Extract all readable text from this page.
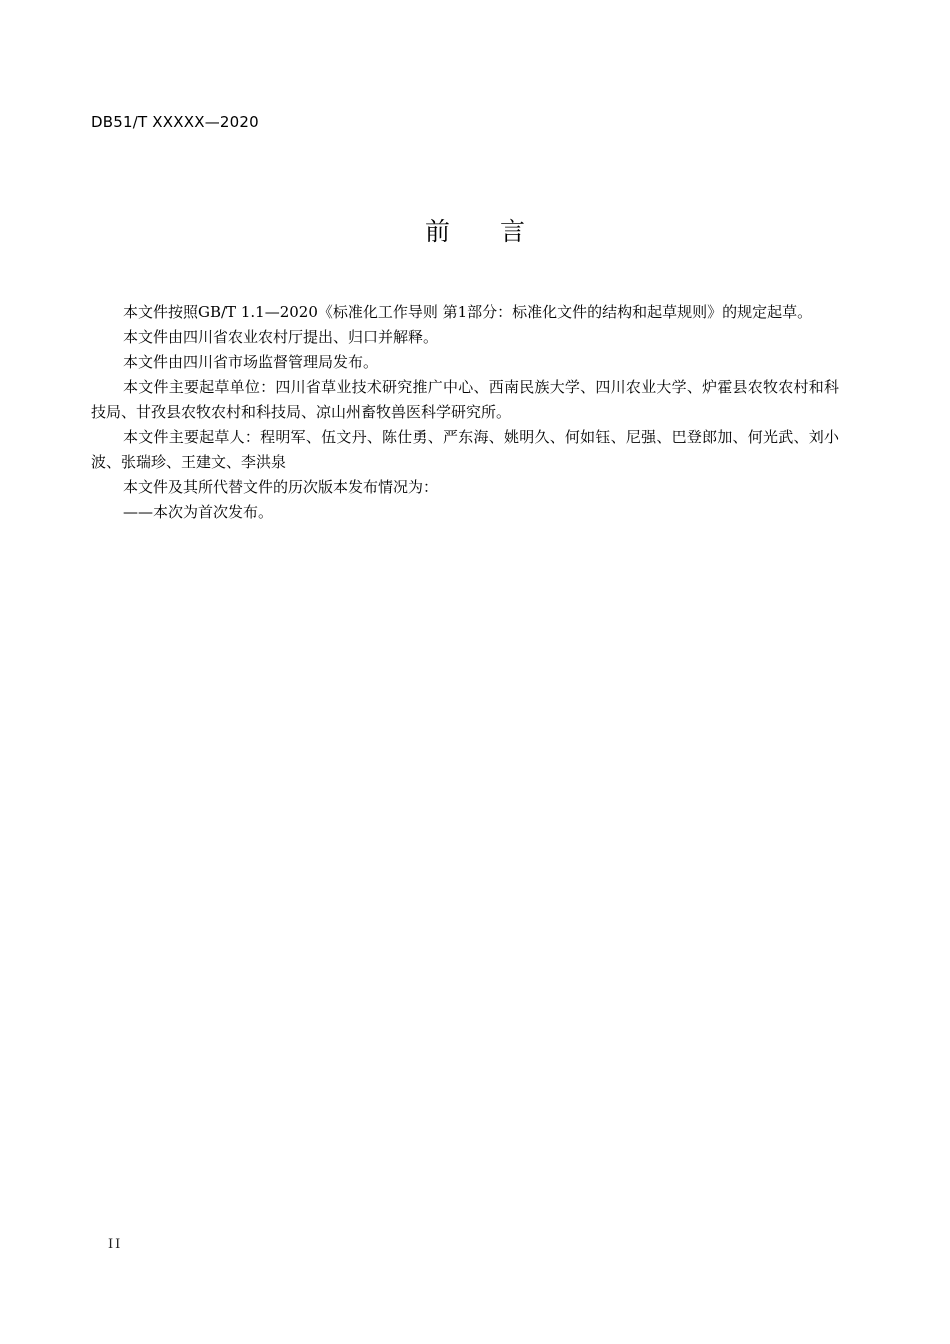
DB51/T XXXXX—2020
前 言

本文件按照GB/T 1.1—2020《标准化工作导则 第1部分：标准化文件的结构和起草规则》的规定起草。

本文件由四川省农业农村厅提出、归口并解释。

本文件由四川省市场监督管理局发布。

本文件主要起草单位：四川省草业技术研究推广中心、西南民族大学、四川农业大学、炉霍县农牧农村和科技局、甘孜县农牧农村和科技局、凉山州畜牧兽医科学研究所。

本文件主要起草人：程明军、伍文丹、陈仕勇、严东海、姚明久、何如钰、尼强、巴登郎加、何光武、刘小波、张瑞珍、王建文、李洪泉

本文件及其所代替文件的历次版本发布情况为：

——本次为首次发布。

II
